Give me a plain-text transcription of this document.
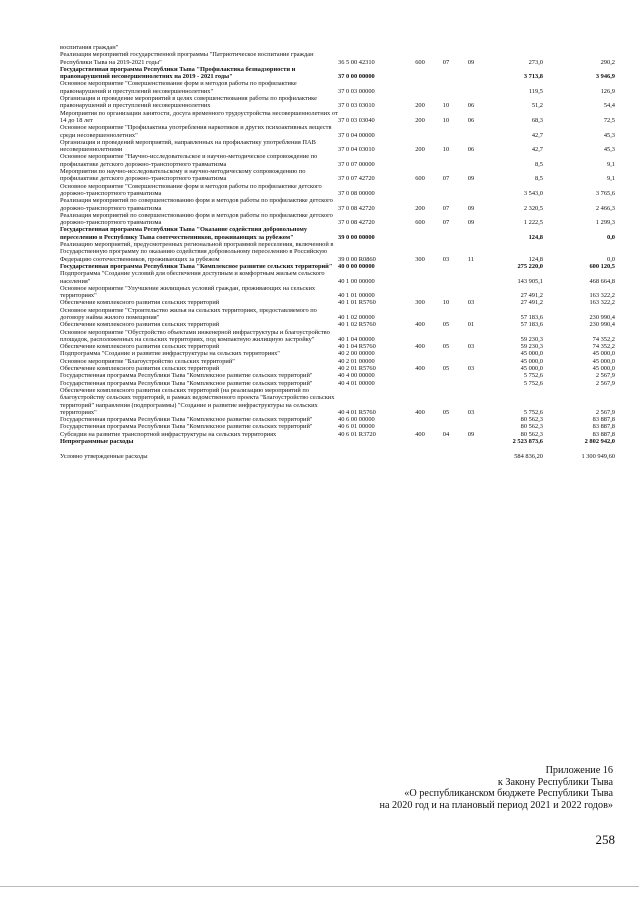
воспитания граждан"						
Реализация мероприятий государственной программы "Патриотическое воспитание граждан Республики Тыва на 2019-2021 годы"	36 5 00 42310	600	07	09	273,0	290,2
Государственная программа Республики Тыва "Профилактика безнадзорности и правонарушений несовершеннолетних на 2019 - 2021 годы"	37 0 00 00000				3 713,8	3 946,9
Основное мероприятие "Совершенствование форм и методов работы по профилактике правонарушений и преступлений несовершеннолетних"	37 0 03 00000				119,5	126,9
Организация и проведение мероприятий в целях совершенствования работы по профилактике правонарушений и преступлений несовершеннолетних	37 0 03 03010	200	10	06	51,2	54,4
Мероприятия по организации занятости, досуга временного трудоустройства несовершеннолетних от 14 до 18 лет	37 0 03 03040	200	10	06	68,3	72,5
Основное мероприятие "Профилактика употребления наркотиков и других психоактивных веществ среди несовершеннолетних"	37 0 04 00000				42,7	45,3
Организация и проведений мероприятий, направленных на профилактику употребления ПАВ несовершеннолетними	37 0 04 03010	200	10	06	42,7	45,3
Основное мероприятие "Научно-исследовательское и научно-методическое сопровождение по профилактике детского дорожно-транспортного травматизма	37 0 07 00000				8,5	9,1
Мероприятия по научно-исследовательскому и научно-методическому сопровождению по профилактике детского дорожно-транспортного травматизма	37 0 07 42720	600	07	09	8,5	9,1
Основное мероприятие "Совершенствование форм и методов работы по профилактике детского дорожно-транспортного травматизма	37 0 08 00000				3 543,0	3 765,6
Реализация мероприятий по совершенствованию форм и методов работы по профилактике детского дорожно-транспортного травматизма	37 0 08 42720	200	07	09	2 320,5	2 466,3
Реализация мероприятий по совершенствованию форм и методов работы по профилактике детского дорожно-транспортного травматизма	37 0 08 42720	600	07	09	1 222,5	1 299,3
Государственная программа Республики Тыва "Оказание содействия добровольному переселению в Республику Тыва соотечественников, проживающих за рубежом"	39 0 00 00000				124,8	0,0
Реализацию мероприятий, предусмотренных региональной программой переселения, включенной в Государственную программу по оказанию содействия добровольному переселению в Российскую Федерацию соотечественников, проживающих за рубежом	39 0 00 R0860	300	03	11	124,8	0,0
Государственная программа Республики Тыва "Комплексное развитие сельских территорий"	40 0 00 00000				275 220,0	600 120,5
Подпрограмма "Создание условий для обеспечения доступным и комфортным жильем сельского населения"	40 1 00 00000				143 905,1	468 664,8
Основное мероприятие "Улучшение жилищных условий граждан, проживающих на сельских территориях"	40 1 01 00000				27 491,2	163 322,2
Обеспечение комплексного развития сельских территорий	40 1 01 R5760	300	10	03	27 491,2	163 322,2
Основное мероприятие "Строительство жилья на сельских территориях, предоставляемого по договору найма жилого помещения"	40 1 02 00000				57 183,6	230 990,4
Обеспечение комплексного развития сельских территорий	40 1 02 R5760	400	05	01	57 183,6	230 990,4
Основное мероприятие "Обустройство объектами инженерной инфраструктуры и благоустройство площадок, расположенных на сельских территориях, под компактную жилищную застройку"	40 1 04 00000				59 230,3	74 352,2
Обеспечение комплексного развития сельских территорий	40 1 04 R5760	400	05	03	59 230,3	74 352,2
Подпрограмма "Создание и развитие инфраструктуры на сельских территориях"	40 2 00 00000				45 000,0	45 000,0
Основное мероприятие "Благоустройство сельских территорий"	40 2 01 00000				45 000,0	45 000,0
Обеспечение комплексного развития сельских территорий	40 2 01 R5760	400	05	03	45 000,0	45 000,0
Государственная программа Республики Тыва "Комплексное развитие сельских территорий"	40 4 00 00000				5 752,6	2 567,9
Государственная программа Республики Тыва "Комплексное развитие сельских территорий"	40 4 01 00000				5 752,6	2 567,9
Обеспечение комплексного развития сельских территорий (на реализацию мероприятий по благоустройству сельских территорий, в рамках ведомственного проекта "Благоустройство сельских территорий" направления (подпрограммы) "Создание и развитие инфраструктуры на сельских территориях"	40 4 01 R5760	400	05	03	5 752,6	2 567,9
Государственная программа Республики Тыва "Комплексное развитие сельских территорий"	40 6 00 00000				80 562,3	83 887,8
Государственная программа Республики Тыва "Комплексное развитие сельских территорий"	40 6 01 00000				80 562,3	83 887,8
Субсидии на развитие транспортной инфраструктуры на сельских территориях	40 6 01 R3720	400	04	09	80 562,3	83 887,8
Непрограммные расходы					2 523 873,6	2 802 942,0

Условно утвержденные расходы					584 836,20	1 300 949,60
Приложение 16
к Закону Республики Тыва
«О республиканском бюджете Республики Тыва
на 2020 год и на плановый период 2021 и 2022 годов»
258
